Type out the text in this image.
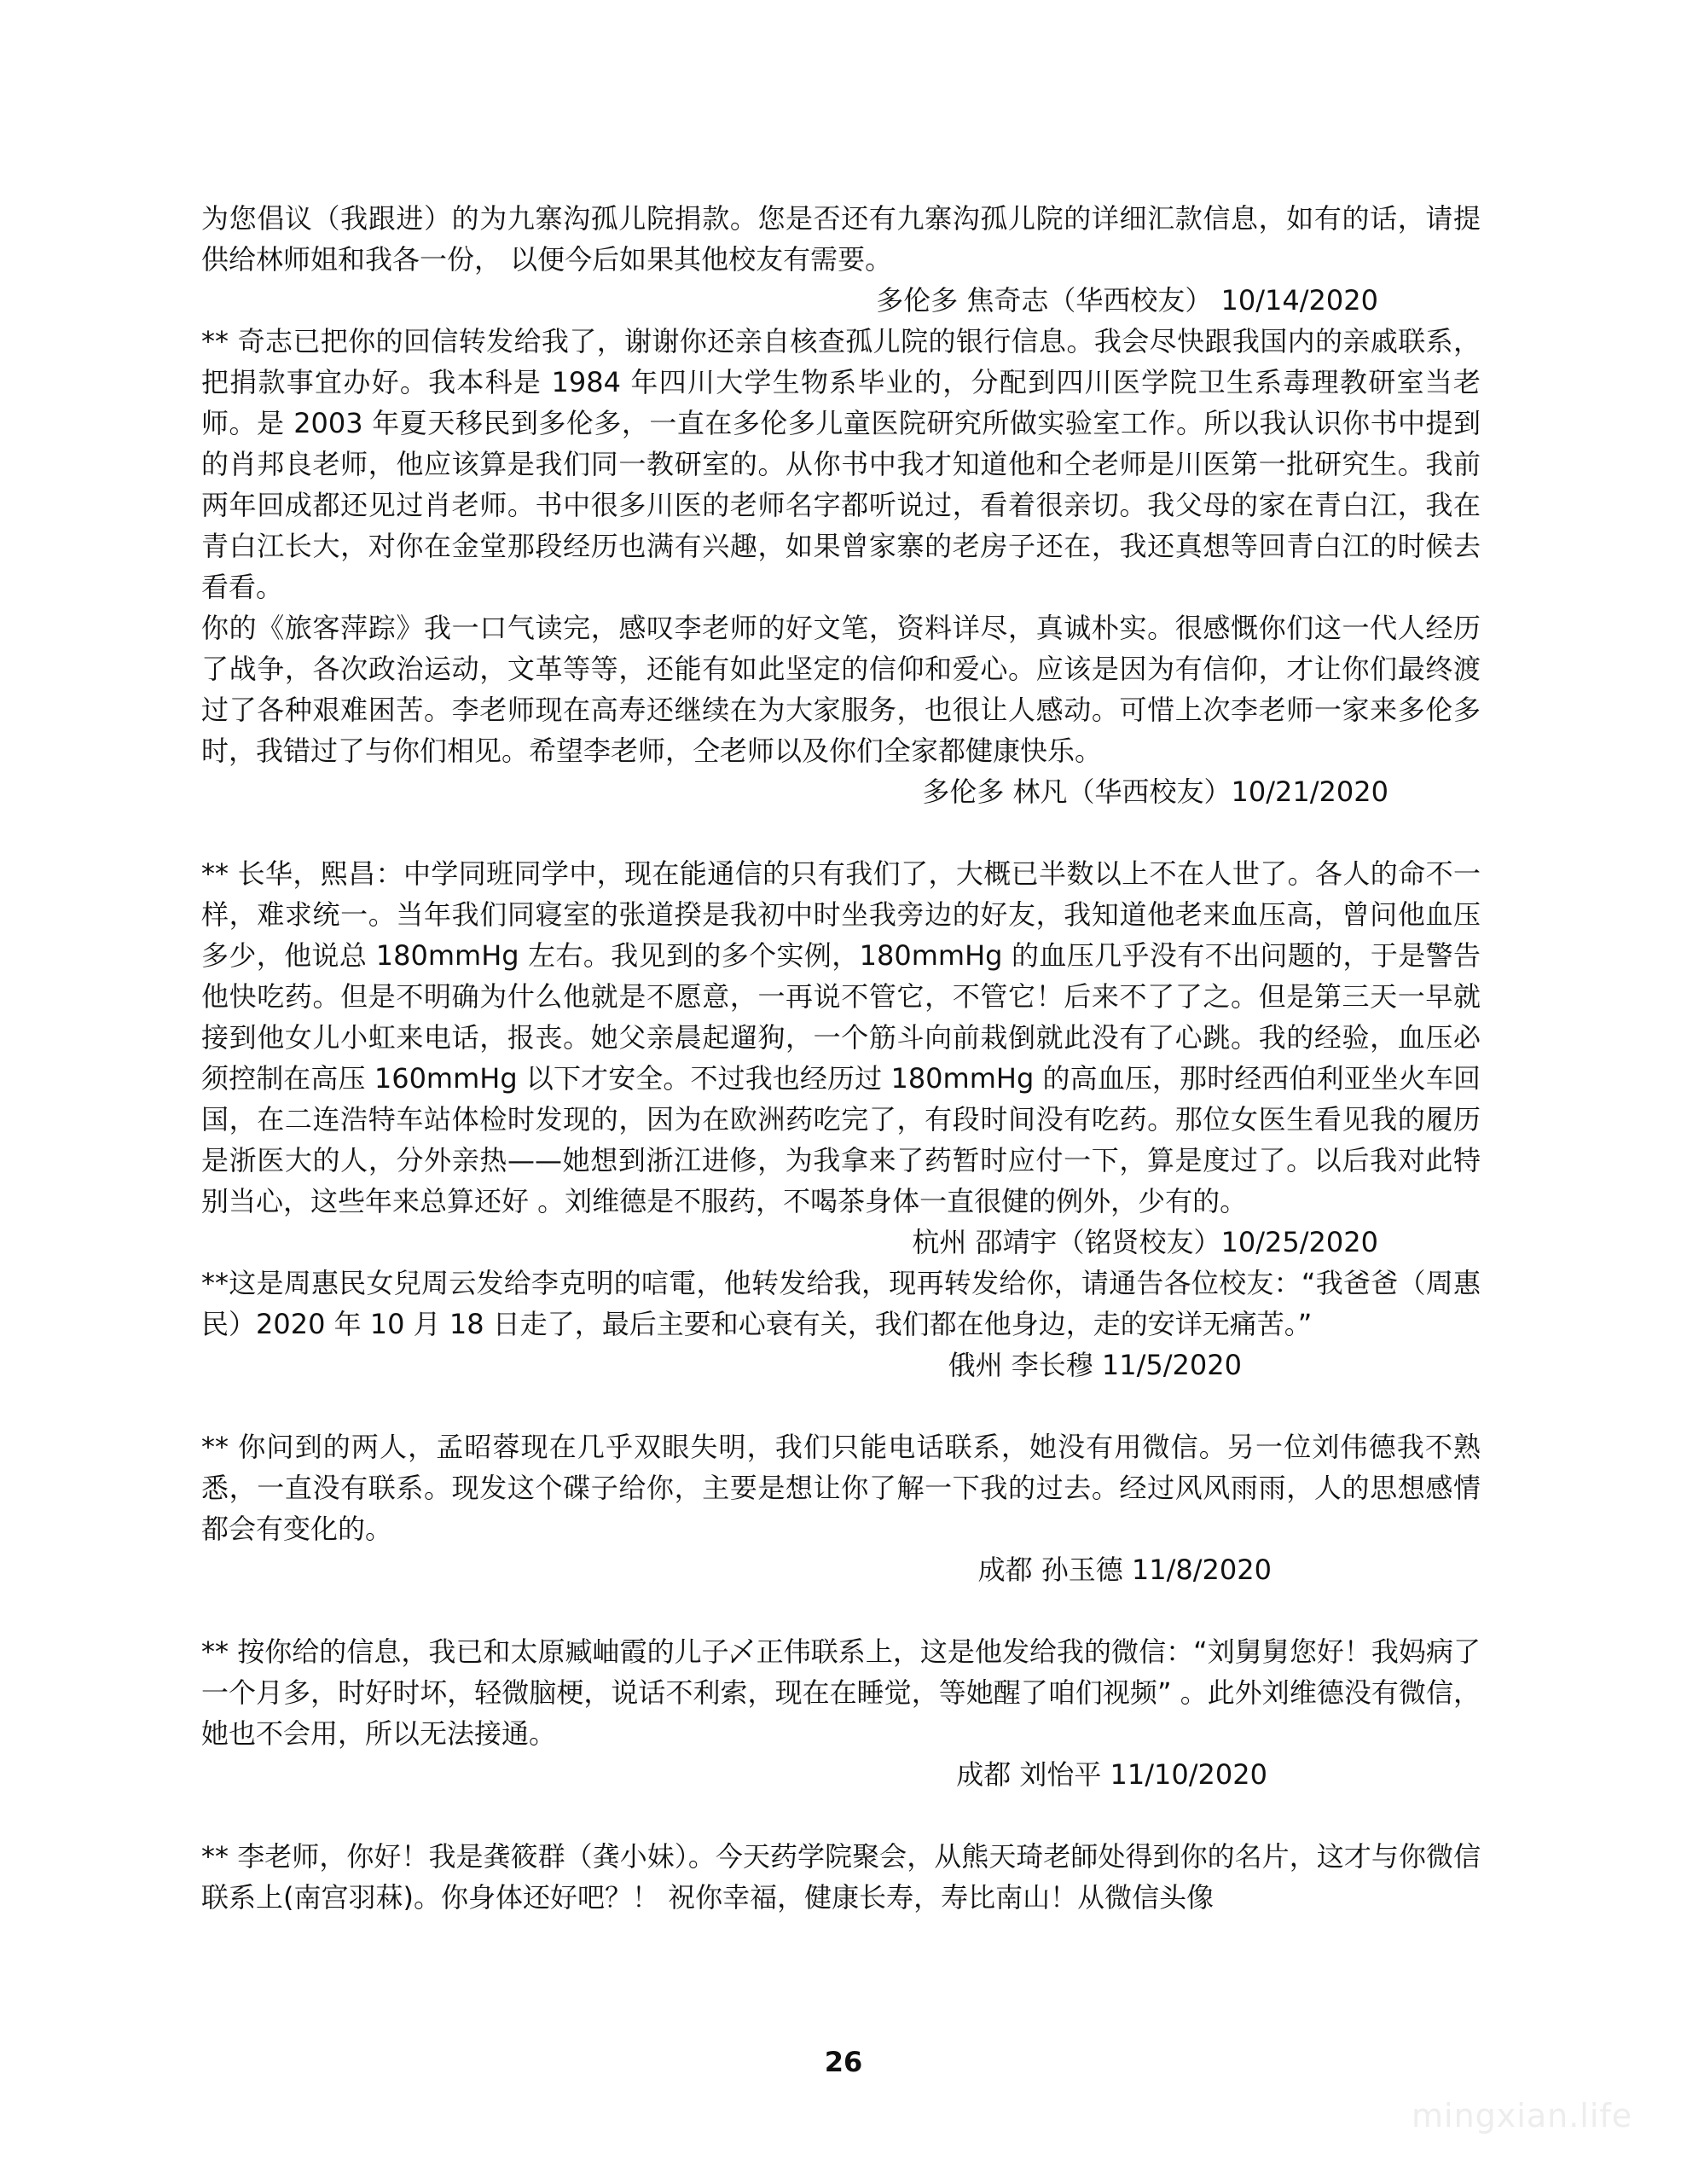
为您倡议（我跟进）的为九寨沟孤儿院捐款。您是否还有九寨沟孤儿院的详细汇款信息，如有的话，请提供给林师姐和我各一份， 以便今后如果其他校友有需要。

多伦多 焦奇志（华西校友） 10/14/2020

** 奇志已把你的回信转发给我了，谢谢你还亲自核查孤儿院的银行信息。我会尽快跟我国内的亲戚联系，把捐款事宜办好。我本科是 1984 年四川大学生物系毕业的，分配到四川医学院卫生系毒理教研室当老师。是 2003 年夏天移民到多伦多，一直在多伦多儿童医院研究所做实验室工作。所以我认识你书中提到的肖邦良老师，他应该算是我们同一教研室的。从你书中我才知道他和仝老师是川医第一批研究生。我前两年回成都还见过肖老师。书中很多川医的老师名字都听说过，看着很亲切。我父母的家在青白江，我在青白江长大，对你在金堂那段经历也满有兴趣，如果曾家寨的老房子还在，我还真想等回青白江的时候去看看。

你的《旅客萍踪》我一口气读完，感叹李老师的好文笔，资料详尽，真诚朴实。很感慨你们这一代人经历了战争，各次政治运动，文革等等，还能有如此坚定的信仰和爱心。应该是因为有信仰，才让你们最终渡过了各种艰难困苦。李老师现在高寿还继续在为大家服务，也很让人感动。可惜上次李老师一家来多伦多时，我错过了与你们相见。希望李老师，仝老师以及你们全家都健康快乐。

多伦多 林凡（华西校友）10/21/2020

** 长华，熙昌：中学同班同学中，现在能通信的只有我们了，大概已半数以上不在人世了。各人的命不一样，难求统一。当年我们同寝室的张道揆是我初中时坐我旁边的好友，我知道他老来血压高，曾问他血压多少，他说总 180mmHg 左右。我见到的多个实例，180mmHg 的血压几乎没有不出问题的，于是警告他快吃药。但是不明确为什么他就是不愿意，一再说不管它，不管它！后来不了了之。但是第三天一早就接到他女儿小虹来电话，报丧。她父亲晨起遛狗，一个筋斗向前栽倒就此没有了心跳。我的经验，血压必须控制在高压 160mmHg 以下才安全。不过我也经历过 180mmHg 的高血压，那时经西伯利亚坐火车回国，在二连浩特车站体检时发现的，因为在欧洲药吃完了，有段时间没有吃药。那位女医生看见我的履历是浙医大的人，分外亲热——她想到浙江进修，为我拿来了药暂时应付一下，算是度过了。以后我对此特别当心，这些年来总算还好 。刘维德是不服药，不喝茶身体一直很健的例外，少有的。

杭州 邵靖宇（铭贤校友）10/25/2020

**这是周惠民女兒周云发给李克明的唁電，他转发给我，现再转发给你，请通告各位校友：“我爸爸（周惠民）2020 年 10 月 18 日走了，最后主要和心衰有关，我们都在他身边，走的安详无痛苦。”

俄州 李长穆 11/5/2020

** 你问到的两人，孟昭蓉现在几乎双眼失明，我们只能电话联系，她没有用微信。另一位刘伟德我不熟悉，一直没有联系。现发这个碟子给你，主要是想让你了解一下我的过去。经过风风雨雨，人的思想感情都会有变化的。

成都 孙玉德 11/8/2020

** 按你给的信息，我已和太原臧岫霞的儿子乄正伟联系上，这是他发给我的微信：“刘舅舅您好！我妈病了一个月多，时好时坏，轻微脑梗，说话不利索，现在在睡觉，等她醒了咱们视频” 。此外刘维德没有微信，她也不会用，所以无法接通。

成都 刘怡平 11/10/2020

** 李老师，你好！我是龚筱群（龚小妹）。今天药学院聚会，从熊天琦老師处得到你的名片，这才与你微信联系上(南宫羽菻)。你身体还好吧？！ 祝你幸福，健康长寿，寿比南山！从微信头像

26
mingxian.life
